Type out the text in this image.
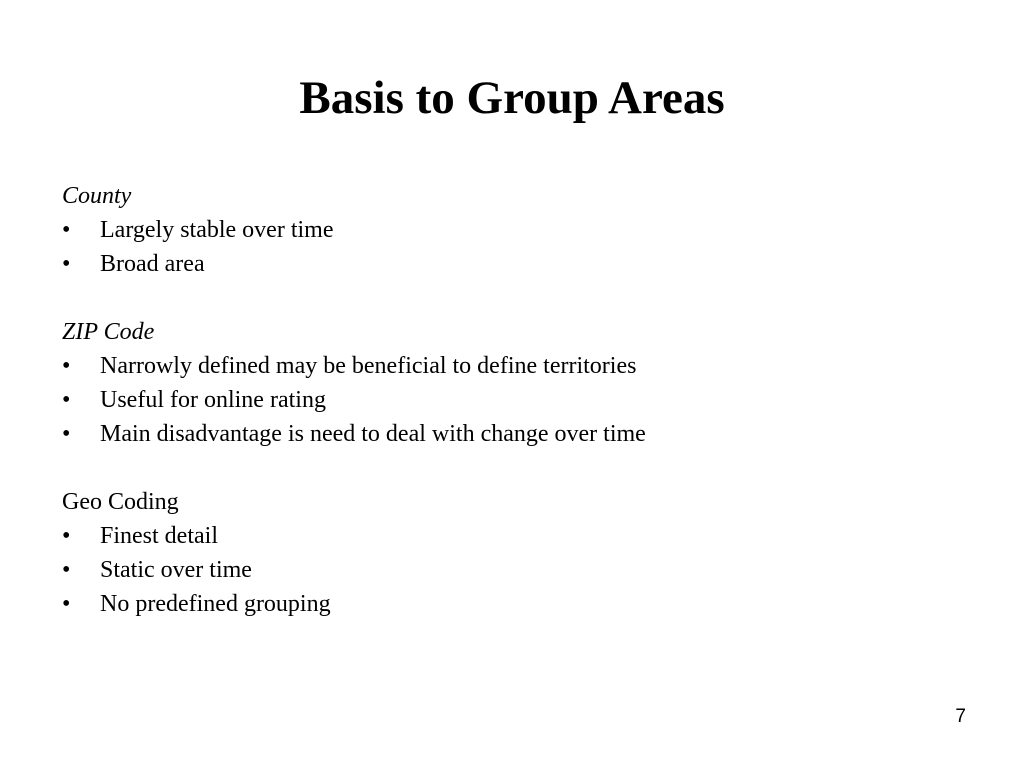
Basis to Group Areas
County
•	Largely stable over time
•	Broad area
ZIP Code
•	Narrowly defined may be beneficial to define territories
•	Useful for online rating
•	Main disadvantage is need to deal with change over time
Geo Coding
•	Finest detail
•	Static over time
•	No predefined grouping
7
